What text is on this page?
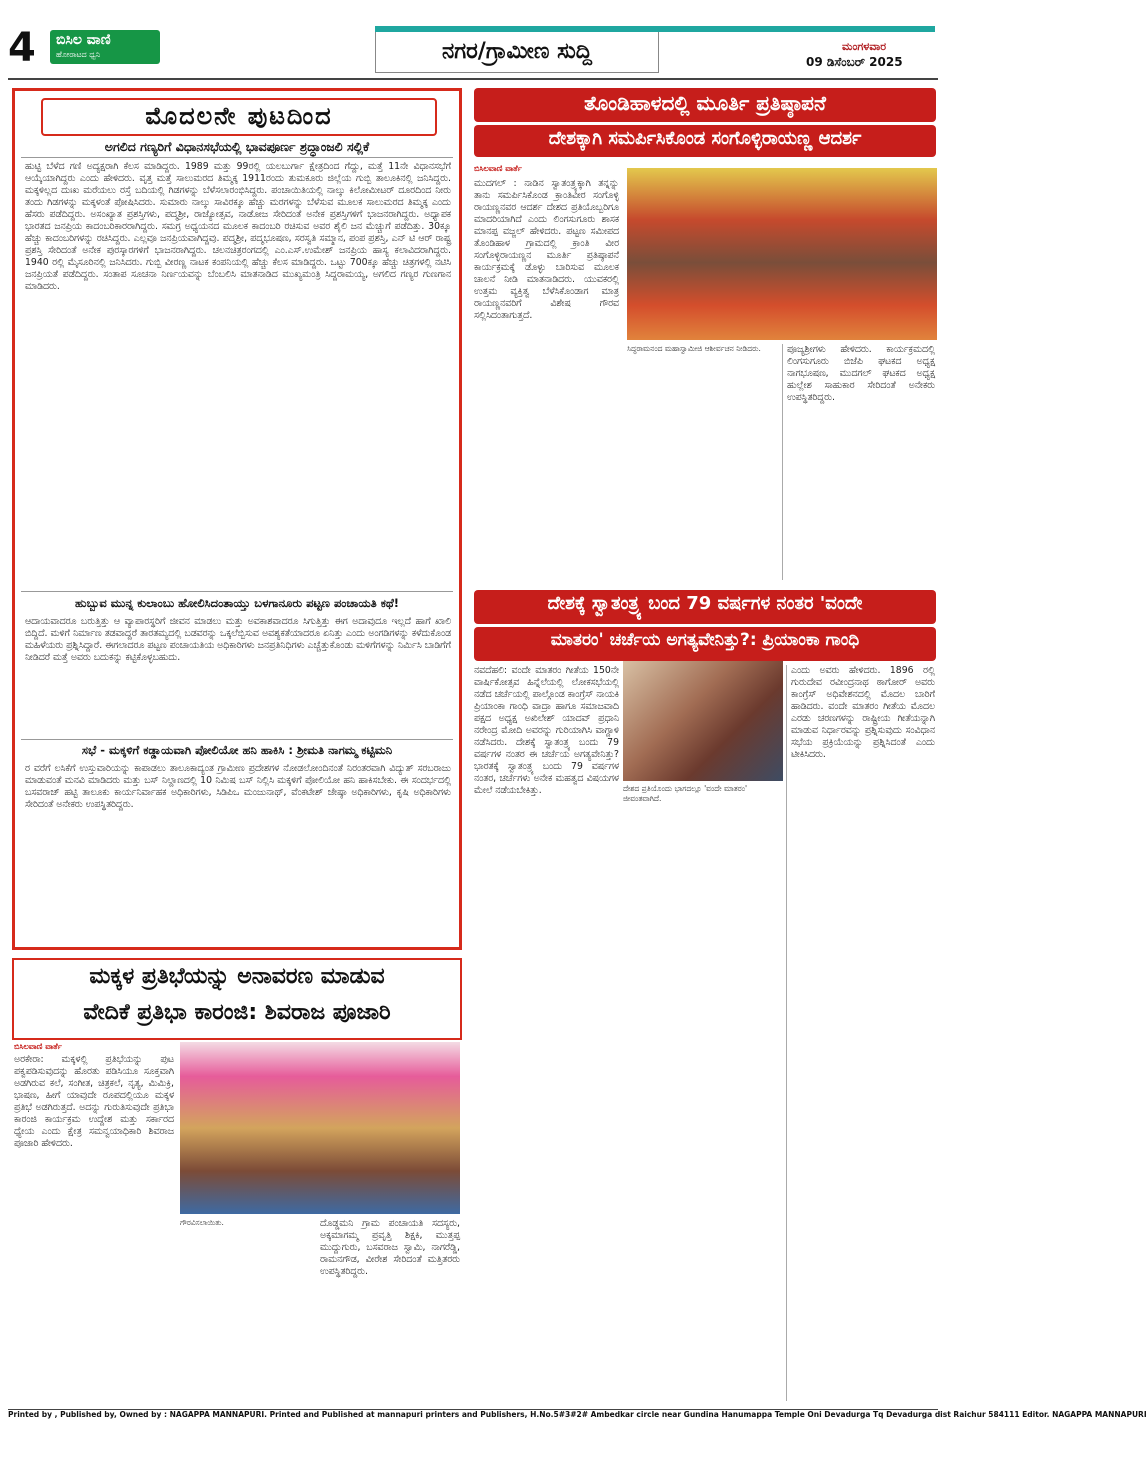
4 ಬಿಸಿಲ ವಾಣಿ
ಹೋರಾಟದ ಧ್ವನಿ	ನಗರ/ಗ್ರಾಮೀಣ ಸುದ್ದಿ	ಮಂಗಳವಾರ
09 ಡಿಸೆಂಬರ್ 2025
ಮೊದಲನೇ ಪುಟದಿಂದ
ಅಗಲಿದ ಗಣ್ಯರಿಗೆ ವಿಧಾನಸಭೆಯಲ್ಲಿ ಭಾವಪೂರ್ಣ ಶ್ರದ್ಧಾಂಜಲಿ ಸಲ್ಲಿಕೆ
ಹುಟ್ಟಿ ಬೆಳೆದ ಗಣಿ ಅದ್ಯಕ್ಷರಾಗಿ ಕೆಲಸ ಮಾಡಿದ್ದರು. 1989 ಮತ್ತು 99ರಲ್ಲಿ ಯಲಬುರ್ಗಾ ಕ್ಷೇತ್ರದಿಂದ ಗೆದ್ದು, ಮತ್ತೆ 11ನೇ ವಿಧಾನಸಭೆಗೆ ಆಯ್ಕೆಯಾಗಿದ್ದರು ಎಂದು ಹೇಳಿದರು. ವೃತ್ತ ಮತ್ತೆ ಸಾಲುಮರದ ತಿಮ್ಮಕ್ಕ 1911ರಂದು ತುಮಕೂರು ಜಿಲ್ಲೆಯ ಗುಬ್ಬಿ ತಾಲೂಕಿನಲ್ಲಿ ಜನಿಸಿದ್ದರು. ಮಕ್ಕಳಿಲ್ಲದ ದುಃಖ ಮರೆಯಲು ರಸ್ತೆ ಬದಿಯಲ್ಲಿ ಗಿಡಗಳನ್ನು ಬೆಳೆಸಲಾರಂಭಿಸಿದ್ದರು. ಪಂಚಾಯಿತಿಯಲ್ಲಿ ನಾಲ್ಕು ಕಿಲೋಮೀಟರ್ ದೂರದಿಂದ ನೀರು ತಂದು ಗಿಡಗಳನ್ನು ಮಕ್ಕಳಂತೆ ಪೋಷಿಸಿದರು. ಸುಮಾರು ನಾಲ್ಕು ಸಾವಿರಕ್ಕೂ ಹೆಚ್ಚು ಮರಗಳನ್ನು ಬೆಳೆಸುವ ಮೂಲಕ ಸಾಲುಮರದ ತಿಮ್ಮಕ್ಕ ಎಂದು ಹೆಸರು ಪಡೆದಿದ್ದರು. ಅಸಂಖ್ಯಾತ ಪ್ರಶಸ್ತಿಗಳು, ಪದ್ಮಶ್ರೀ, ರಾಜ್ಯೋತ್ಸವ, ನಾಡೋಜ ಸೇರಿದಂತೆ ಅನೇಕ ಪ್ರಶಸ್ತಿಗಳಿಗೆ ಭಾಜನರಾಗಿದ್ದರು. ಅಧ್ಯಾಪಕ ಭಾರತದ ಜನಪ್ರಿಯ ಕಾದಂಬರಿಕಾರರಾಗಿದ್ದರು. ಸಮಗ್ರ ಅಧ್ಯಯನದ ಮೂಲಕ ಕಾದಂಬರಿ ರಚಿಸುವ ಅವರ ಶೈಲಿ ಜನ ಮೆಚ್ಚುಗೆ ಪಡೆದಿತ್ತು. 30ಕ್ಕೂ ಹೆಚ್ಚು ಕಾದಂಬರಿಗಳನ್ನು ರಚಿಸಿದ್ದರು. ಎಲ್ಲವೂ ಜನಪ್ರಿಯವಾಗಿದ್ದವು. ಪದ್ಮಶ್ರೀ, ಪದ್ಮಭೂಷಣ, ಸರಸ್ವತಿ ಸಮ್ಮಾನ, ಪಂಪ ಪ್ರಶಸ್ತಿ, ಎನ್ ಟಿ ಆರ್ ರಾಷ್ಟ್ರ ಪ್ರಶಸ್ತಿ ಸೇರಿದಂತೆ ಅನೇಕ ಪುರಸ್ಕಾರಗಳಿಗೆ ಭಾಜನರಾಗಿದ್ದರು. ಚಲನಚಿತ್ರರಂಗದಲ್ಲಿ ಎಂ.ಎಸ್.ಉಮೇಶ್ ಜನಪ್ರಿಯ ಹಾಸ್ಯ ಕಲಾವಿದರಾಗಿದ್ದರು. 1940 ರಲ್ಲಿ ಮೈಸೂರಿನಲ್ಲಿ ಜನಿಸಿದರು. ಗುಬ್ಬಿ ವೀರಣ್ಣ ನಾಟಕ ಕಂಪನಿಯಲ್ಲಿ ಹೆಚ್ಚು ಕೆಲಸ ಮಾಡಿದ್ದರು. ಒಟ್ಟು 700ಕ್ಕೂ ಹೆಚ್ಚು ಚಿತ್ರಗಳಲ್ಲಿ ನಟಿಸಿ ಜನಪ್ರಿಯತೆ ಪಡೆದಿದ್ದರು. ಸಂತಾಪ ಸೂಚನಾ ನಿರ್ಣಯವನ್ನು ಬೆಂಬಲಿಸಿ ಮಾತನಾಡಿದ ಮುಖ್ಯಮಂತ್ರಿ ಸಿದ್ದರಾಮಯ್ಯ, ಅಗಲಿದ ಗಣ್ಯರ ಗುಣಗಾನ ಮಾಡಿದರು.
ಹುಬ್ಬುವ ಮುನ್ನ ಕುಲಾಂಬು ಹೋಲಿಸಿದಂತಾಯ್ತು ಬಳಗಾನೂರು ಪಟ್ಟಣ ಪಂಚಾಯತಿ ಕಥೆ!
ಆದಾಯವಾದರೂ ಬರುತ್ತಿತ್ತು ಆ ವ್ಯಾಪಾರಸ್ಥರಿಗೆ ಜೀವನ ಮಾಡಲು ಮತ್ತು ಅವಕಾಶವಾದರೂ ಸಿಗುತ್ತಿತ್ತು ಈಗ ಅದಾವುದೂ ಇಲ್ಲದೆ ಹಾಗೆ ಖಾಲಿ ಬಿದ್ದಿದೆ. ಮಳಿಗೆ ನಿರ್ಮಾಣ ತಡವಾದ್ದರೆ ತಾರತಮ್ಯದಲ್ಲಿ ಬಡವರನ್ನು ಒಕ್ಕಲೆಬ್ಬಿಸುವ ಅವಶ್ಯಕತೆಯಾದರೂ ಏನಿತ್ತು ಎಂದು ಅಂಗಡಿಗಳನ್ನು ಕಳೆದುಕೊಂಡ ಮಹಿಳೆಯರು ಪ್ರಶ್ನಿಸಿದ್ದಾರೆ. ಈಗಲಾದರೂ ಪಟ್ಟಣ ಪಂಚಾಯತಿಯ ಅಧಿಕಾರಿಗಳು ಜನಪ್ರತಿನಿಧಿಗಳು ಎಚ್ಚೆತ್ತುಕೊಂಡು ಮಳಿಗೆಗಳನ್ನು ನಿರ್ಮಿಸಿ ಬಾಡಿಗೆಗೆ ನೀಡಿದರೆ ಮತ್ತೆ ಅವರು ಬದುಕನ್ನು ಕಟ್ಟಿಕೊಳ್ಳಬಹುದು.
ಸಭೆ - ಮಕ್ಕಳಿಗೆ ಕಡ್ಡಾಯವಾಗಿ ಪೋಲಿಯೋ ಹನಿ ಹಾಕಿಸಿ : ಶ್ರೀಮತಿ ನಾಗಮ್ಮ ಕಟ್ಟಿಮನಿ
ರ ವರೆಗೆ ಲಸಿಕೆಗೆ ಉಸ್ತುವಾರಿಯನ್ನು ಕಾಪಾಡಲು ತಾಲೂಕಾದ್ಯಂತ ಗ್ರಾಮೀಣ ಪ್ರದೇಶಗಳ ನೋಡಲೋಂದಿನಂತೆ ನಿರಂತರವಾಗಿ ವಿದ್ಯುತ್ ಸರಬರಾಜು ಮಾಡುವಂತೆ ಮನವಿ ಮಾಡಿದರು ಮತ್ತು ಬಸ್ ನಿಲ್ದಾಣದಲ್ಲಿ 10 ನಿಮಿಷ ಬಸ್ ನಿಲ್ಲಿಸಿ ಮಕ್ಕಳಿಗೆ ಪೋಲಿಯೋ ಹನಿ ಹಾಕಿಸಬೇಕು. ಈ ಸಂದರ್ಭದಲ್ಲಿ ಬಸವರಾಜ್ ಹಟ್ಟಿ ತಾಲೂಕು ಕಾರ್ಯನಿರ್ವಾಹಕ ಅಧಿಕಾರಿಗಳು, ಸಿಡಿಪಿಒ ಮಂಜುನಾಥ್, ವೆಂಕಟೇಶ್ ಜೇಷ್ಠಾ ಅಧಿಕಾರಿಗಳು, ಕೃಷಿ ಅಧಿಕಾರಿಗಳು ಸೇರಿದಂತೆ ಅನೇಕರು ಉಪಸ್ಥಿತರಿದ್ದರು.
ತೊಂಡಿಹಾಳದಲ್ಲಿ ಮೂರ್ತಿ ಪ್ರತಿಷ್ಠಾಪನೆ
ದೇಶಕ್ಕಾಗಿ ಸಮರ್ಪಿಸಿಕೊಂಡ ಸಂಗೊಳ್ಳಿರಾಯಣ್ಣ ಆದರ್ಶ
ಬಿಸಿಲವಾಣಿ ವಾರ್ತೆ
ಮುದಗಲ್ : ನಾಡಿನ ಸ್ವಾತಂತ್ರ್ಯಕ್ಕಾಗಿ ತನ್ನನ್ನು ತಾನು ಸಮರ್ಪಿಸಿಕೊಂಡ ಕ್ರಾಂತಿವೀರ ಸಂಗೊಳ್ಳಿ ರಾಯಣ್ಣನವರ ಆದರ್ಶ ದೇಶದ ಪ್ರತಿಯೊಬ್ಬರಿಗೂ ಮಾದರಿಯಾಗಿದೆ ಎಂದು ಲಿಂಗಸುಗೂರು ಶಾಸಕ ಮಾನಪ್ಪ ವಜ್ಜಲ್ ಹೇಳಿದರು. ಪಟ್ಟಣ ಸಮೀಪದ ತೊಂಡಿಹಾಳ ಗ್ರಾಮದಲ್ಲಿ ಕ್ರಾಂತಿ ವೀರ ಸಂಗೊಳ್ಳಿರಾಯಣ್ಣನ ಮೂರ್ತಿ ಪ್ರತಿಷ್ಠಾಪನೆ ಕಾರ್ಯಕ್ರಮಕ್ಕೆ ಡೊಳ್ಳು ಬಾರಿಸುವ ಮೂಲಕ ಚಾಲನೆ ನೀಡಿ ಮಾತನಾಡಿದರು. ಯುವಕರಲ್ಲಿ ಉತ್ತಮ ವ್ಯಕ್ತಿತ್ವ ಬೆಳೆಸಿಕೊಂಡಾಗ ಮಾತ್ರ ರಾಯಣ್ಣನವರಿಗೆ ವಿಶೇಷ ಗೌರವ ಸಲ್ಲಿಸಿದಂತಾಗುತ್ತದೆ.
ಸಿದ್ಧರಾಮನಂದ ಮಹಾಸ್ವಾಮೀಜಿ ಆಶೀರ್ವಚನ ನೀಡಿದರು.	ಪೂಜ್ಯಶ್ರೀಗಳು ಹೇಳಿದರು. ಕಾರ್ಯಕ್ರಮದಲ್ಲಿ ಲಿಂಗಸುಗೂರು ಬಿಜೆಪಿ ಘಟಕದ ಅಧ್ಯಕ್ಷ ನಾಗಭೂಷಣ, ಮುದಗಲ್ ಘಟಕದ ಅಧ್ಯಕ್ಷ ಹುಲ್ಲೇಶ ಸಾಹುಕಾರ ಸೇರಿದಂತೆ ಅನೇಕರು ಉಪಸ್ಥಿತರಿದ್ದರು.
ದೇಶಕ್ಕೆ ಸ್ವಾತಂತ್ರ್ಯ ಬಂದ 79 ವರ್ಷಗಳ ನಂತರ 'ವಂದೇ
ಮಾತರಂ' ಚರ್ಚೆಯ ಅಗತ್ಯವೇನಿತ್ತು?: ಪ್ರಿಯಾಂಕಾ ಗಾಂಧಿ
ನವದೆಹಲಿ: ವಂದೇ ಮಾತರಂ ಗೀತೆಯ 150ನೇ ವಾರ್ಷಿಕೋತ್ಸವ ಹಿನ್ನೆಲೆಯಲ್ಲಿ ಲೋಕಸಭೆಯಲ್ಲಿ ನಡೆದ ಚರ್ಚೆಯಲ್ಲಿ ಪಾಲ್ಗೊಂಡ ಕಾಂಗ್ರೆಸ್ ನಾಯಕಿ ಪ್ರಿಯಾಂಕಾ ಗಾಂಧಿ ವಾದ್ರಾ ಹಾಗೂ ಸಮಾಜವಾದಿ ಪಕ್ಷದ ಅಧ್ಯಕ್ಷ ಅಖಿಲೇಶ್ ಯಾದವ್ ಪ್ರಧಾನಿ ನರೇಂದ್ರ ಮೋದಿ ಅವರನ್ನು ಗುರಿಯಾಗಿಸಿ ವಾಗ್ದಾಳಿ ನಡೆಸಿದರು. ದೇಶಕ್ಕೆ ಸ್ವಾತಂತ್ರ್ಯ ಬಂದು 79 ವರ್ಷಗಳ ನಂತರ ಈ ಚರ್ಚೆಯ ಅಗತ್ಯವೇನಿತ್ತು? ಭಾರತಕ್ಕೆ ಸ್ವಾತಂತ್ರ್ಯ ಬಂದು 79 ವರ್ಷಗಳ ನಂತರ, ಚರ್ಚೆಗಳು ಅನೇಕ ಮಹತ್ವದ ವಿಷಯಗಳ ಮೇಲೆ ನಡೆಯಬೇಕಿತ್ತು.	ದೇಶದ ಪ್ರತಿಯೊಂದು ಭಾಗದಲ್ಲೂ 'ವಂದೇ ಮಾತರಂ' ಜೀವಂತವಾಗಿದೆ.
ಎಂದು ಅವರು ಹೇಳಿದರು. 1896 ರಲ್ಲಿ ಗುರುದೇವ ರವೀಂದ್ರನಾಥ ಠಾಗೋರ್ ಅವರು ಕಾಂಗ್ರೆಸ್ ಅಧಿವೇಶನದಲ್ಲಿ ಮೊದಲ ಬಾರಿಗೆ ಹಾಡಿದರು. ವಂದೇ ಮಾತರಂ ಗೀತೆಯ ಮೊದಲ ಎರಡು ಚರಣಗಳನ್ನು ರಾಷ್ಟ್ರೀಯ ಗೀತೆಯನ್ನಾಗಿ ಮಾಡುವ ನಿರ್ಧಾರವನ್ನು ಪ್ರಶ್ನಿಸುವುದು ಸಂವಿಧಾನ ಸಭೆಯ ಪ್ರಕ್ರಿಯೆಯನ್ನು ಪ್ರಶ್ನಿಸಿದಂತೆ ಎಂದು ಟೀಕಿಸಿದರು.
ಮಕ್ಕಳ ಪ್ರತಿಭೆಯನ್ನು ಅನಾವರಣ ಮಾಡುವ
ವೇದಿಕೆ ಪ್ರತಿಭಾ ಕಾರಂಜಿ: ಶಿವರಾಜ ಪೂಜಾರಿ
ಬಿಸಿಲವಾಣಿ ವಾರ್ತೆ
ಅರಕೇರಾ: ಮಕ್ಕಳಲ್ಲಿ ಪ್ರತಿಭೆಯನ್ನು ಪುಟ ಪಕ್ವಪಡಿಸುವುದನ್ನು ಹೊರತು ಪಡಿಸಿಯೂ ಸೂಕ್ತವಾಗಿ ಅಡಗಿರುವ ಕಲೆ, ಸಂಗೀತ, ಚಿತ್ರಕಲೆ, ನೃತ್ಯ, ಮಿಮಿಕ್ರಿ, ಭಾಷಣ, ಹೀಗೆ ಯಾವುದೇ ರೂಪದಲ್ಲಿಯೂ ಮಕ್ಕಳ ಪ್ರತಿಭೆ ಅಡಗಿರುತ್ತದೆ. ಅದನ್ನು ಗುರುತಿಸುವುದೇ ಪ್ರತಿಭಾ ಕಾರಂಜಿ ಕಾರ್ಯಕ್ರಮ ಉದ್ದೇಶ ಮತ್ತು ಸರ್ಕಾರದ ಧ್ಯೇಯ ಎಂದು ಕ್ಷೇತ್ರ ಸಮನ್ವಯಾಧಿಕಾರಿ ಶಿವರಾಜ ಪೂಜಾರಿ ಹೇಳಿದರು.
ಗೌರವಿಸಲಾಯಿತು.	ದೊಡ್ಡಮನಿ ಗ್ರಾಮ ಪಂಚಾಯತಿ ಸದಸ್ಯರು, ಅಕ್ಕಮಾಗಮ್ಮ ಪ್ರವೃತ್ತಿ ಶಿಕ್ಷಕಿ, ಮುತ್ತಪ್ಪ ಮುದ್ದುಗುರು, ಬಸವರಾಜ ಸ್ವಾಮಿ, ನಾಗರೆಡ್ಡಿ, ರಾಮನಗೌಡ, ವೀರೇಶ ಸೇರಿದಂತೆ ಮತ್ತಿತರರು ಉಪಸ್ಥಿತರಿದ್ದರು.
Printed by , Published by, Owned by : NAGAPPA MANNAPURI. Printed and Published at mannapuri printers and Publishers, H.No.5#3#2# Ambedkar circle near Gundina Hanumappa Temple Oni Devadurga Tq Devadurga dist Raichur 584111 Editor. NAGAPPA MANNAPURI
